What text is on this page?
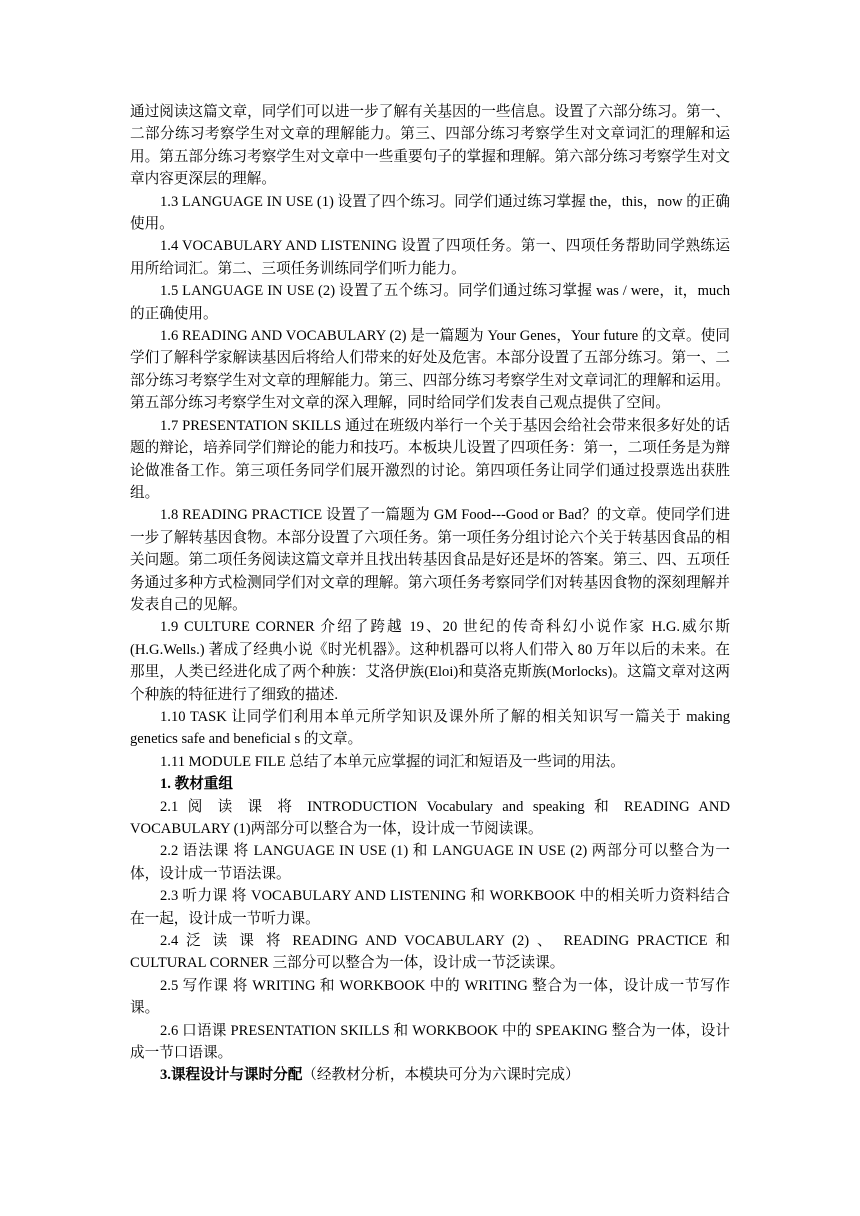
通过阅读这篇文章，同学们可以进一步了解有关基因的一些信息。设置了六部分练习。第一、二部分练习考察学生对文章的理解能力。第三、四部分练习考察学生对文章词汇的理解和运用。第五部分练习考察学生对文章中一些重要句子的掌握和理解。第六部分练习考察学生对文章内容更深层的理解。

1.3 LANGUAGE IN USE (1) 设置了四个练习。同学们通过练习掌握 the，this，now 的正确使用。

1.4 VOCABULARY AND LISTENING 设置了四项任务。第一、四项任务帮助同学熟练运用所给词汇。第二、三项任务训练同学们听力能力。

1.5 LANGUAGE IN USE (2) 设置了五个练习。同学们通过练习掌握 was / were，it，much 的正确使用。

1.6 READING AND VOCABULARY (2) 是一篇题为 Your Genes，Your future 的文章。使同学们了解科学家解读基因后将给人们带来的好处及危害。本部分设置了五部分练习。第一、二部分练习考察学生对文章的理解能力。第三、四部分练习考察学生对文章词汇的理解和运用。第五部分练习考察学生对文章的深入理解，同时给同学们发表自己观点提供了空间。

1.7 PRESENTATION SKILLS 通过在班级内举行一个关于基因会给社会带来很多好处的话题的辩论，培养同学们辩论的能力和技巧。本板块儿设置了四项任务：第一，二项任务是为辩论做准备工作。第三项任务同学们展开激烈的讨论。第四项任务让同学们通过投票选出获胜组。

1.8 READING PRACTICE 设置了一篇题为 GM Food---Good or Bad？的文章。使同学们进一步了解转基因食物。本部分设置了六项任务。第一项任务分组讨论六个关于转基因食品的相关问题。第二项任务阅读这篇文章并且找出转基因食品是好还是坏的答案。第三、四、五项任务通过多种方式检测同学们对文章的理解。第六项任务考察同学们对转基因食物的深刻理解并发表自己的见解。

1.9 CULTURE CORNER 介绍了跨越 19、20 世纪的传奇科幻小说作家 H.G.威尔斯(H.G.Wells.) 著成了经典小说《时光机器》。这种机器可以将人们带入 80 万年以后的未来。在那里，人类已经进化成了两个种族：艾洛伊族(Eloi)和莫洛克斯族(Morlocks)。这篇文章对这两个种族的特征进行了细致的描述.

1.10 TASK 让同学们利用本单元所学知识及课外所了解的相关知识写一篇关于 making genetics safe and beneficial s 的文章。

1.11 MODULE FILE 总结了本单元应掌握的词汇和短语及一些词的用法。

1. 教材重组

2.1 阅 读 课 将 INTRODUCTION Vocabulary and speaking 和 READING AND VOCABULARY (1)两部分可以整合为一体，设计成一节阅读课。

2.2 语法课 将 LANGUAGE IN USE (1) 和 LANGUAGE IN USE (2) 两部分可以整合为一体，设计成一节语法课。

2.3 听力课 将 VOCABULARY AND LISTENING 和 WORKBOOK 中的相关听力资料结合在一起，设计成一节听力课。

2.4 泛 读 课 将 READING AND VOCABULARY (2) 、 READING PRACTICE 和 CULTURAL CORNER 三部分可以整合为一体，设计成一节泛读课。

2.5 写作课 将 WRITING 和 WORKBOOK 中的 WRITING 整合为一体，设计成一节写作课。

2.6 口语课 PRESENTATION SKILLS 和 WORKBOOK 中的 SPEAKING 整合为一体，设计成一节口语课。

3.课程设计与课时分配（经教材分析，本模块可分为六课时完成）
